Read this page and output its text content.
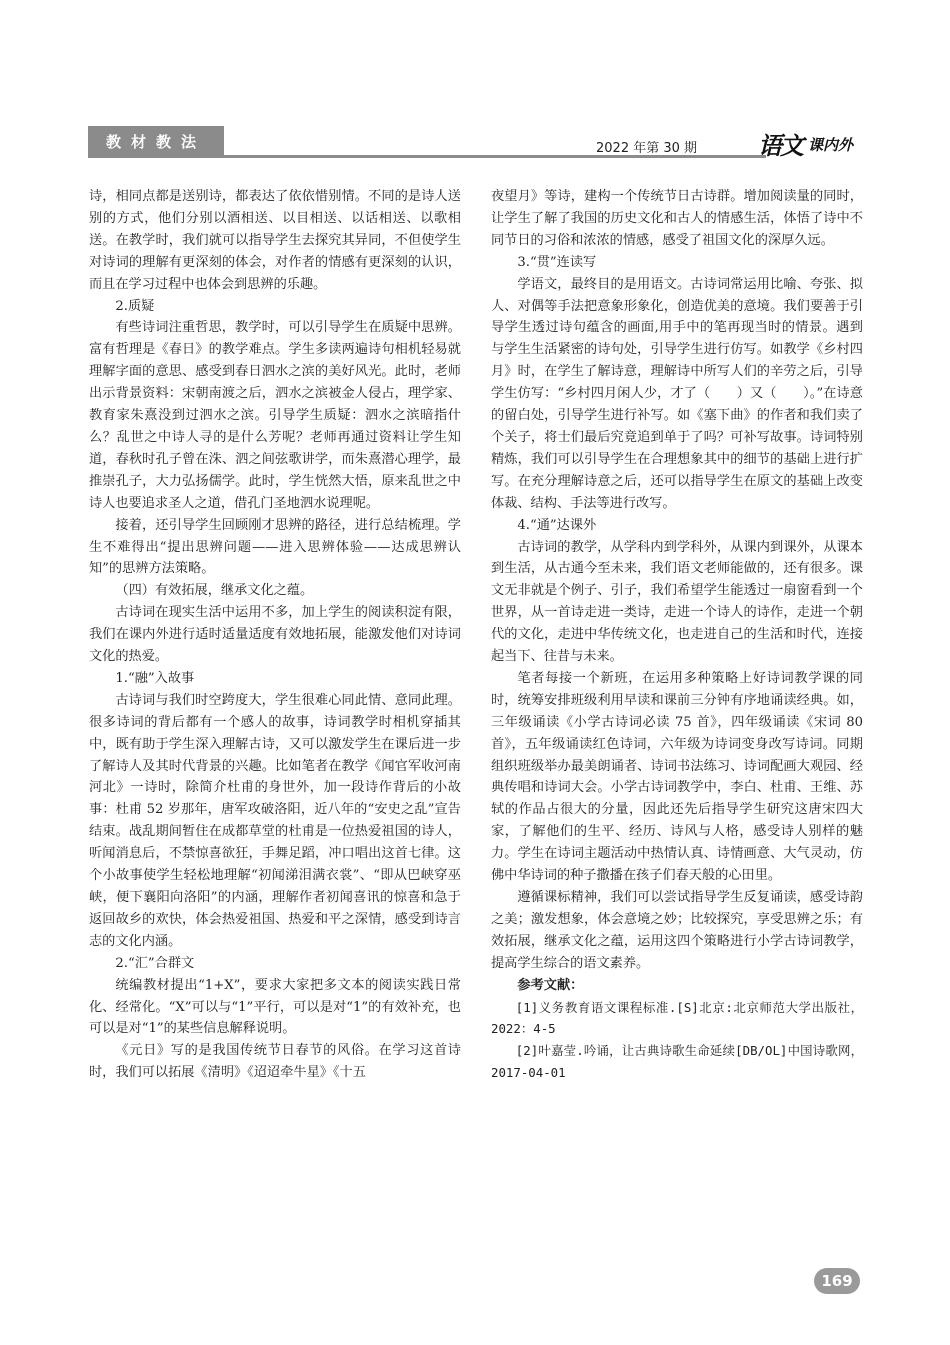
教材教法	2022 年第 30 期	语文 课内外

诗，相同点都是送别诗，都表达了依依惜别情。不同的是诗人送别的方式，他们分别以酒相送、以目相送、以话相送、以歌相送。在教学时，我们就可以指导学生去探究其异同，不但使学生对诗词的理解有更深刻的体会，对作者的情感有更深刻的认识，而且在学习过程中也体会到思辨的乐趣。

2.质疑

有些诗词注重哲思，教学时，可以引导学生在质疑中思辨。富有哲理是《春日》的教学难点。学生多读两遍诗句相机轻易就理解字面的意思、感受到春日泗水之滨的美好风光。此时，老师出示背景资料：宋朝南渡之后，泗水之滨被金人侵占，理学家、教育家朱熹没到过泗水之滨。引导学生质疑：泗水之滨暗指什么？乱世之中诗人寻的是什么芳呢？老师再通过资料让学生知道，春秋时孔子曾在洙、泗之间弦歌讲学，而朱熹潜心理学，最推崇孔子，大力弘扬儒学。此时，学生恍然大悟，原来乱世之中诗人也要追求圣人之道，借孔门圣地泗水说理呢。

接着，还引导学生回顾刚才思辨的路径，进行总结梳理。学生不难得出“提出思辨问题——进入思辨体验——达成思辨认知”的思辨方法策略。

（四）有效拓展，继承文化之蕴。

古诗词在现实生活中运用不多，加上学生的阅读积淀有限，我们在课内外进行适时适量适度有效地拓展，能激发他们对诗词文化的热爱。

1.“融”入故事

古诗词与我们时空跨度大，学生很难心同此情、意同此理。很多诗词的背后都有一个感人的故事，诗词教学时相机穿插其中，既有助于学生深入理解古诗，又可以激发学生在课后进一步了解诗人及其时代背景的兴趣。比如笔者在教学《闻官军收河南河北》一诗时，除简介杜甫的身世外，加一段诗作背后的小故事：杜甫 52 岁那年，唐军攻破洛阳，近八年的“安史之乱”宣告结束。战乱期间暂住在成都草堂的杜甫是一位热爱祖国的诗人，听闻消息后，不禁惊喜欲狂，手舞足蹈，冲口唱出这首七律。这个小故事使学生轻松地理解“初闻涕泪满衣裳”、“即从巴峡穿巫峡，便下襄阳向洛阳”的内涵，理解作者初闻喜讯的惊喜和急于返回故乡的欢快，体会热爱祖国、热爱和平之深情，感受到诗言志的文化内涵。

2.“汇”合群文

统编教材提出“1+X”，要求大家把多文本的阅读实践日常化、经常化。“X”可以与“1”平行，可以是对“1”的有效补充，也可以是对“1”的某些信息解释说明。

《元日》写的是我国传统节日春节的风俗。在学习这首诗时，我们可以拓展《清明》《迢迢牵牛星》《十五

夜望月》等诗，建构一个传统节日古诗群。增加阅读量的同时，让学生了解了我国的历史文化和古人的情感生活，体悟了诗中不同节日的习俗和浓浓的情感，感受了祖国文化的深厚久远。

3.“贯”连读写

学语文，最终目的是用语文。古诗词常运用比喻、夸张、拟人、对偶等手法把意象形象化，创造优美的意境。我们要善于引导学生透过诗句蕴含的画面,用手中的笔再现当时的情景。遇到与学生生活紧密的诗句处，引导学生进行仿写。如教学《乡村四月》时，在学生了解诗意，理解诗中所写人们的辛劳之后，引导学生仿写：“乡村四月闲人少，才了（　　）又（　　）。”在诗意的留白处，引导学生进行补写。如《塞下曲》的作者和我们卖了个关子，将士们最后究竟追到单于了吗？可补写故事。诗词特别精炼，我们可以引导学生在合理想象其中的细节的基础上进行扩写。在充分理解诗意之后，还可以指导学生在原文的基础上改变体裁、结构、手法等进行改写。

4.“通”达课外

古诗词的教学，从学科内到学科外，从课内到课外，从课本到生活，从古通今至未来，我们语文老师能做的，还有很多。课文无非就是个例子、引子，我们希望学生能透过一扇窗看到一个世界，从一首诗走进一类诗，走进一个诗人的诗作，走进一个朝代的文化，走进中华传统文化，也走进自己的生活和时代，连接起当下、往昔与未来。

笔者每接一个新班，在运用多种策略上好诗词教学课的同时，统筹安排班级利用早读和课前三分钟有序地诵读经典。如，三年级诵读《小学古诗词必读 75 首》，四年级诵读《宋词 80 首》，五年级诵读红色诗词，六年级为诗词变身改写诗词。同期组织班级举办最美朗诵者、诗词书法练习、诗词配画大观园、经典传唱和诗词大会。小学古诗词教学中，李白、杜甫、王维、苏轼的作品占很大的分量，因此还先后指导学生研究这唐宋四大家，了解他们的生平、经历、诗风与人格，感受诗人别样的魅力。学生在诗词主题活动中热情认真、诗情画意、大气灵动，仿佛中华诗词的种子撒播在孩子们春天般的心田里。

遵循课标精神，我们可以尝试指导学生反复诵读，感受诗韵之美；激发想象，体会意境之妙；比较探究，享受思辨之乐；有效拓展，继承文化之蕴，运用这四个策略进行小学古诗词教学，提高学生综合的语文素养。

参考文献：

[1]义务教育语文课程标准.[S]北京:北京师范大学出版社，2022：4-5

[2]叶嘉莹.吟诵，让古典诗歌生命延续[DB/OL]中国诗歌网，2017-04-01

169
